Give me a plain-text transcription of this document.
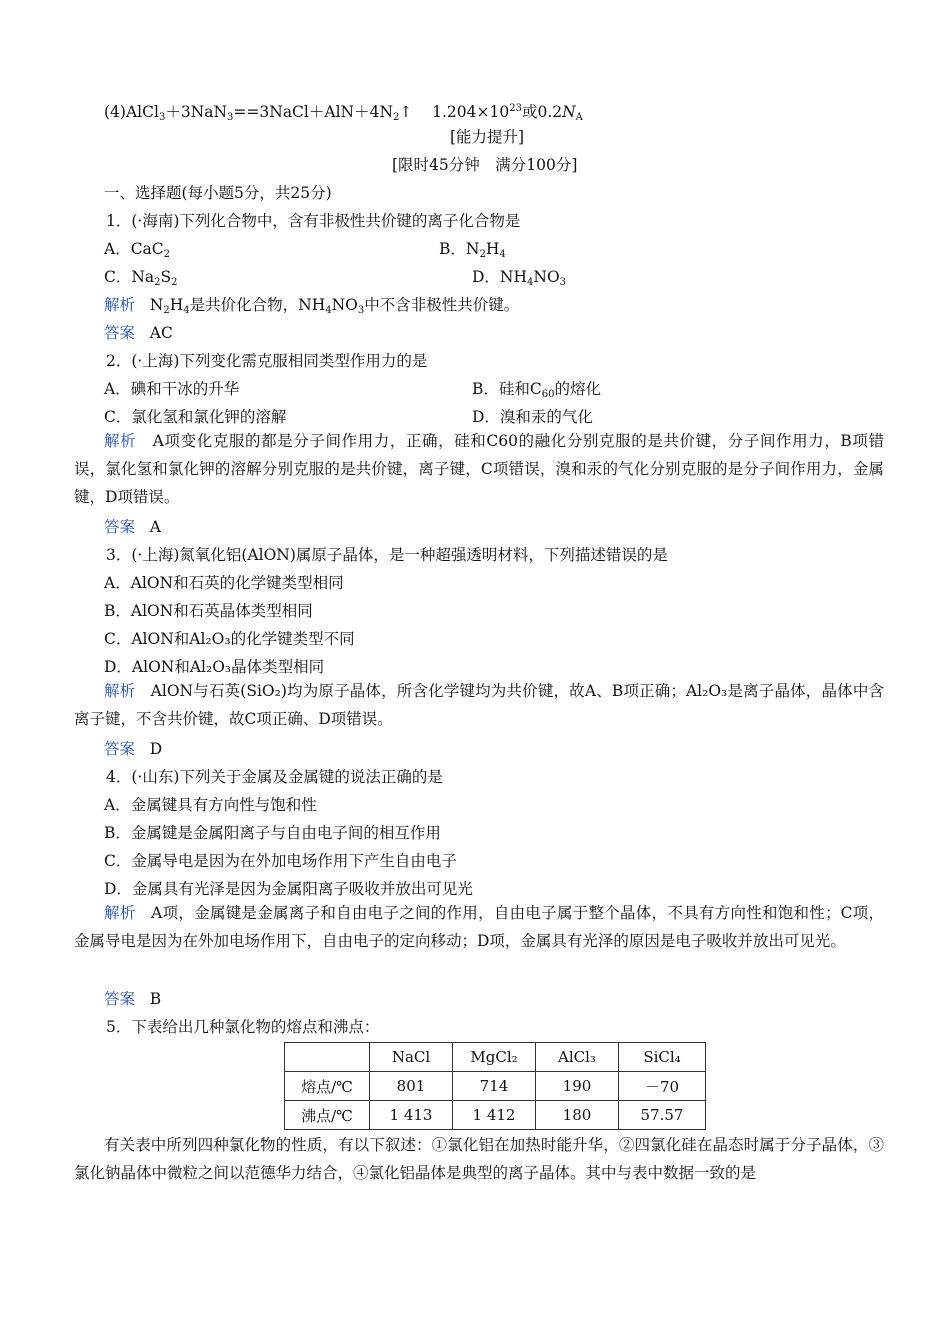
$(4)AlCl_3+3NaN_3==3NaCl+AlN+4N_2↑$ $1.204\times 10^{23}$或$0.2N_A$
[能力提升]
[限时45分钟　满分100分]
一、选择题(每小题5分，共25分)
1．(·海南)下列化合物中，含有非极性共价键的离子化合物是
A．CaC$_2$	B．$N_2H_4$
C．$Na_2S_2$	D．$NH_4NO_3$
解析 $N_2H_4$是共价化合物，$NH_4NO_3$中不含非极性共价键。
答案 AC
2．(·上海)下列变化需克服相同类型作用力的是
A．碘和干冰的升华	B．硅和$C_{60}$的熔化
C．氯化氢和氯化钾的溶解	D．溴和汞的气化
解析 A项变化克服的都是分子间作用力，正确，硅和C60的融化分别克服的是共价键，分子间作用力，B项错误，氯化氢和氯化钾的溶解分别克服的是共价键，离子键，C项错误，溴和汞的气化分别克服的是分子间作用力，金属键，D项错误。
答案 A
3．(·上海)氮氧化铝(AlON)属原子晶体，是一种超强透明材料，下列描述错误的是
A．AlON和石英的化学键类型相同
B．AlON和石英晶体类型相同
C．AlON和Al₂O₃的化学键类型不同
D．AlON和Al₂O₃晶体类型相同
解析 AlON与石英(SiO₂)均为原子晶体，所含化学键均为共价键，故A、B项正确；Al₂O₃是离子晶体，晶体中含离子键，不含共价键，故C项正确、D项错误。
答案 D
4．(·山东)下列关于金属及金属键的说法正确的是
A．金属键具有方向性与饱和性
B．金属键是金属阳离子与自由电子间的相互作用
C．金属导电是因为在外加电场作用下产生自由电子
D．金属具有光泽是因为金属阳离子吸收并放出可见光
解析 A项，金属键是金属离子和自由电子之间的作用，自由电子属于整个晶体，不具有方向性和饱和性；C项，金属导电是因为在外加电场作用下，自由电子的定向移动；D项，金属具有光泽的原因是电子吸收并放出可见光。
答案 B
5．下表给出几种氯化物的熔点和沸点：
	NaCl	MgCl₂	AlCl₃	SiCl₄
熔点/℃	801	714	190	－70
沸点/℃	1 413	1 412	180	57.57
有关表中所列四种氯化物的性质，有以下叙述：①氯化铝在加热时能升华，②四氯化硅在晶态时属于分子晶体，③氯化钠晶体中微粒之间以范德华力结合，④氯化铝晶体是典型的离子晶体。其中与表中数据一致的是
